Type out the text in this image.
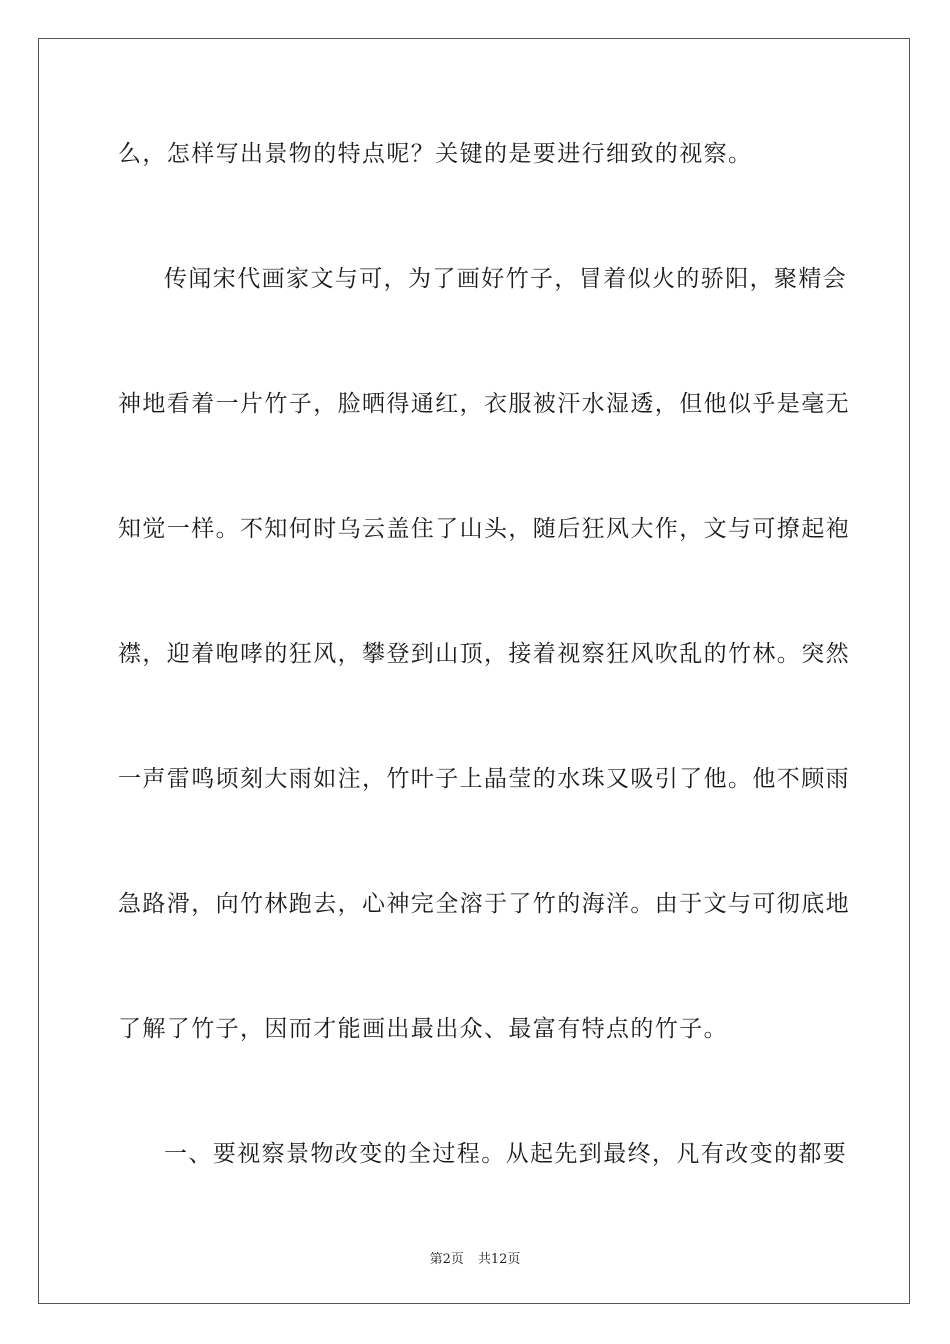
么，怎样写出景物的特点呢？关键的是要进行细致的视察。

传闻宋代画家文与可，为了画好竹子，冒着似火的骄阳，聚精会

神地看着一片竹子，脸晒得通红，衣服被汗水湿透，但他似乎是毫无

知觉一样。不知何时乌云盖住了山头，随后狂风大作，文与可撩起袍

襟，迎着咆哮的狂风，攀登到山顶，接着视察狂风吹乱的竹林。突然

一声雷鸣顷刻大雨如注，竹叶子上晶莹的水珠又吸引了他。他不顾雨

急路滑，向竹林跑去，心神完全溶于了竹的海洋。由于文与可彻底地

了解了竹子，因而才能画出最出众、最富有特点的竹子。

一、要视察景物改变的全过程。从起先到最终，凡有改变的都要

第2页 共12页
